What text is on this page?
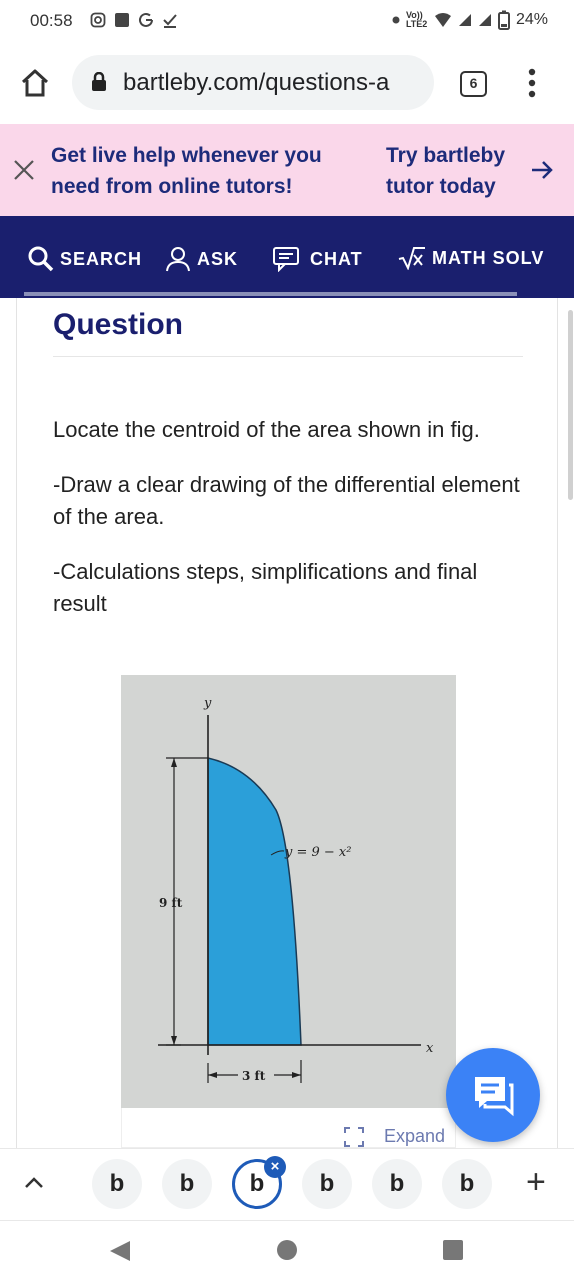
00:58	Vo)) LTE2	24%
bartleby.com/questions-a	6
Get live help whenever you need from online tutors!
Try bartleby tutor today
SEARCH	ASK	CHAT	MATH SOLV
Question
Locate the centroid of the area shown in fig.
-Draw a clear drawing of the differential element of the area.
-Calculations steps, simplifications and final result
y
x
y = 9 − x²
9 ft
3 ft
Expand
b	b	b
×
b	b	b	+
